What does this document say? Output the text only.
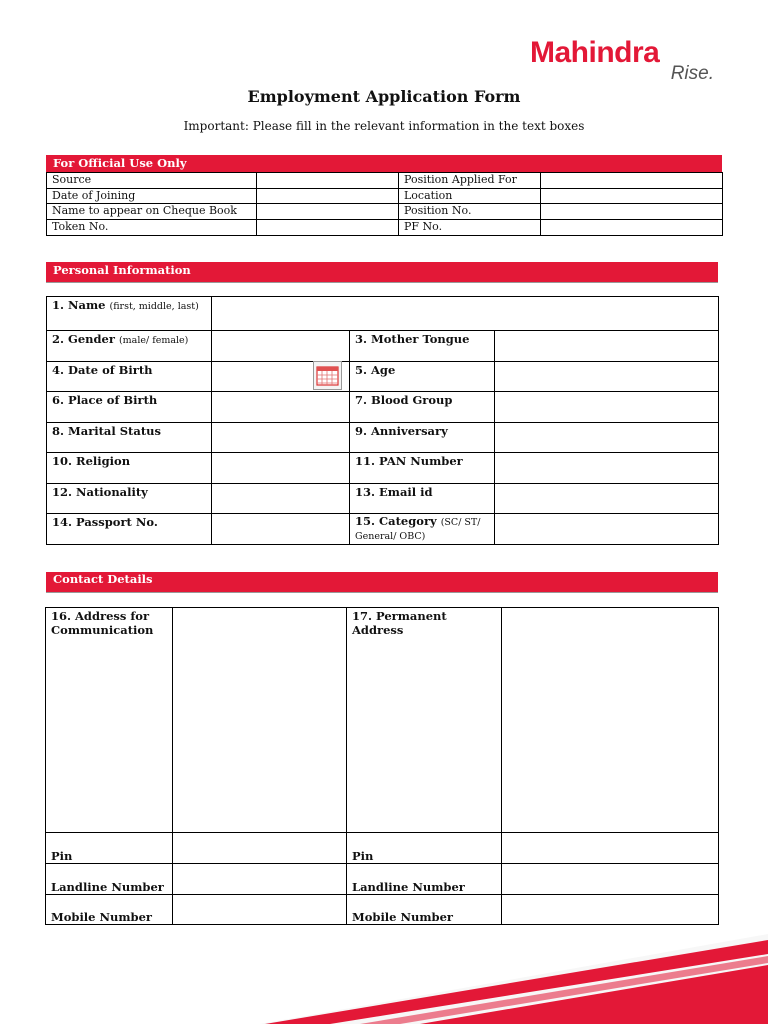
Mahindra
Rise.
Employment Application Form
Important: Please fill in the relevant information in the text boxes
For Official Use Only
Source		Position Applied For	
Date of Joining		Location	
Name to appear on Cheque Book		Position No.	
Token No.		PF No.	
Personal Information
1. Name (first, middle, last)			
2. Gender (male/ female)		3. Mother Tongue	
4. Date of Birth		5. Age	
6. Place of Birth		7. Blood Group	
8. Marital Status		9. Anniversary	
10. Religion		11. PAN Number	
12. Nationality		13. Email id	
14. Passport No.		15. Category (SC/ ST/ General/ OBC)	
Contact Details
16. Address for Communication		17. Permanent Address	
Pin		Pin	
Landline Number		Landline Number	
Mobile Number		Mobile Number	
